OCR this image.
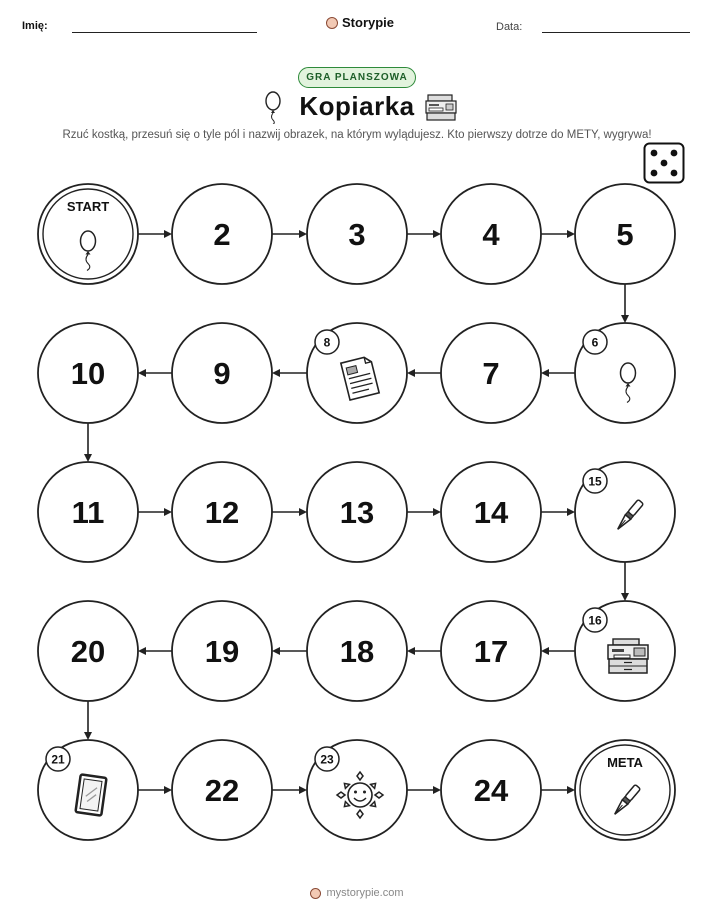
Imię:	Storypie	Data:
GRA PLANSZOWA
Kopiarka
Rzuć kostką, przesuń się o tyle pól i nazwij obrazek, na którym wylądujesz. Kto pierwszy dotrze do METY, wygrywa!
START
2	3	4	5
6
7
8
9
10
11	12	13	14
15
16
17
18
19
20
21
22
23
24
META
mystorypie.com
